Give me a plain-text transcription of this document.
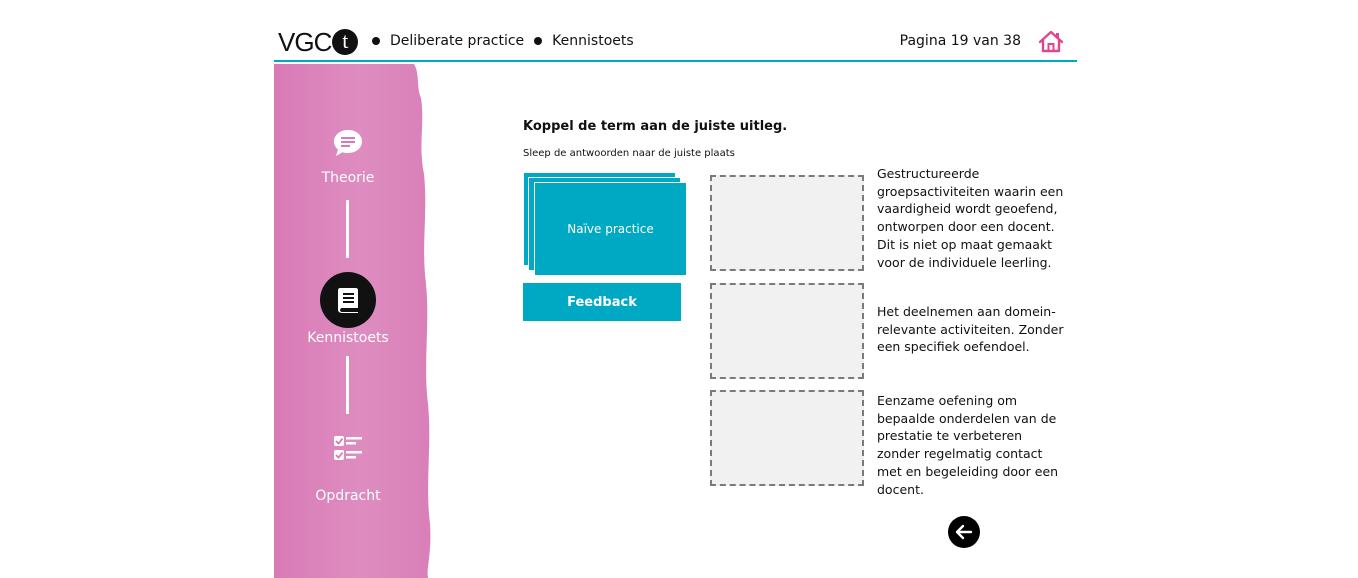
VGC t	Deliberate practice Kennistoets	Pagina 19 van 38
Theorie
Kennistoets
Opdracht
Koppel de term aan de juiste uitleg.
Sleep de antwoorden naar de juiste plaats
Naïve practice
Feedback
Gestructureerde groepsactiviteiten waarin een vaardigheid wordt geoefend, ontworpen door een docent. Dit is niet op maat gemaakt voor de individuele leerling.
Het deelnemen aan domein-relevante activiteiten. Zonder een specifiek oefendoel.
Eenzame oefening om bepaalde onderdelen van de prestatie te verbeteren zonder regelmatig contact met en begeleiding door een docent.
